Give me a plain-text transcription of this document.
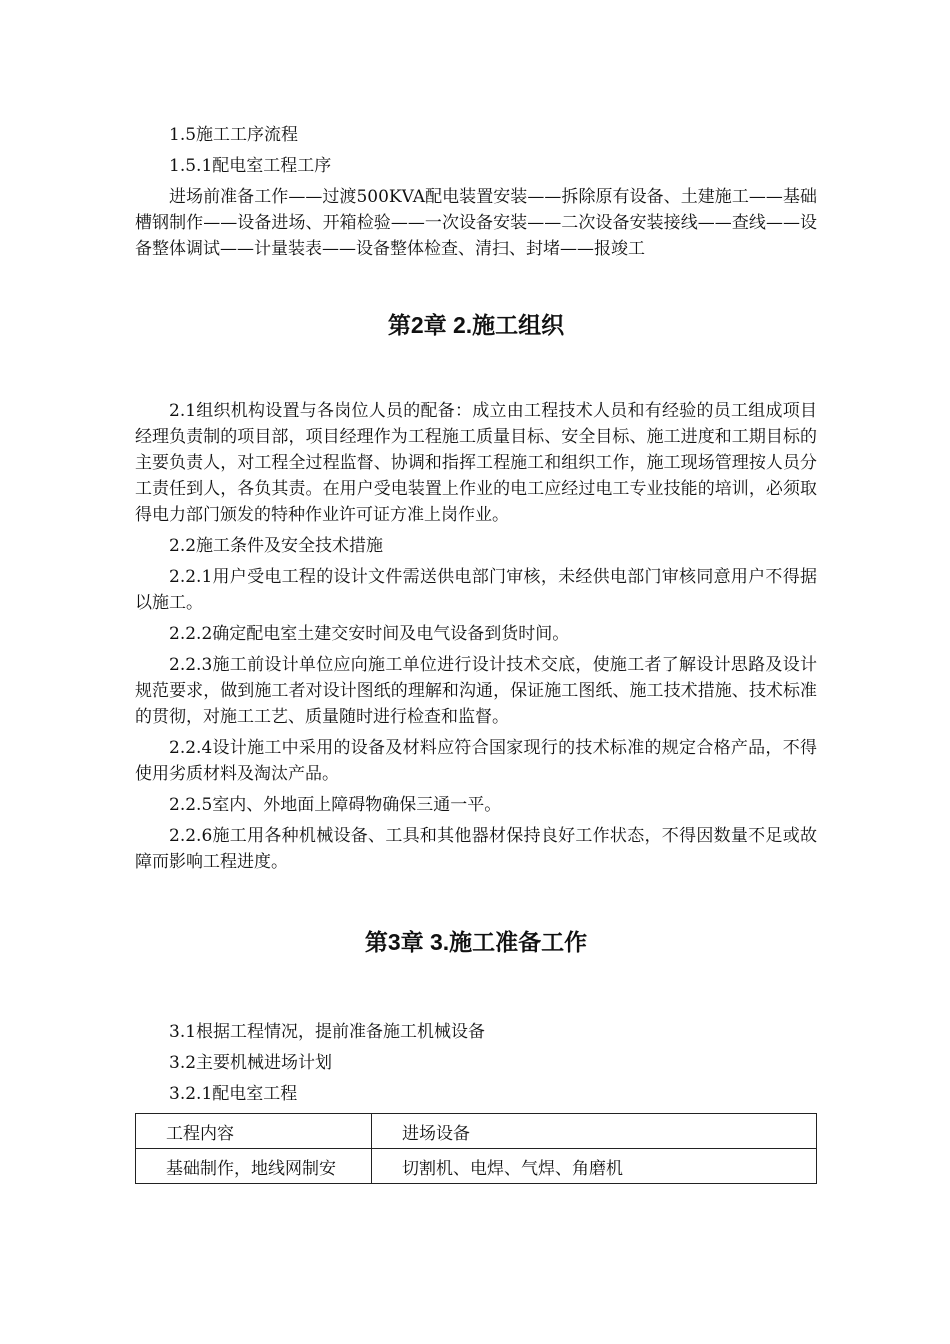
1.5施工工序流程

1.5.1配电室工程工序

进场前准备工作——过渡500KVA配电装置安装——拆除原有设备、土建施工——基础槽钢制作——设备进场、开箱检验——一次设备安装——二次设备安装接线——查线——设备整体调试——计量装表——设备整体检查、清扫、封堵——报竣工

第2章 2.施工组织

2.1组织机构设置与各岗位人员的配备：成立由工程技术人员和有经验的员工组成项目经理负责制的项目部，项目经理作为工程施工质量目标、安全目标、施工进度和工期目标的主要负责人，对工程全过程监督、协调和指挥工程施工和组织工作，施工现场管理按人员分工责任到人，各负其责。在用户受电装置上作业的电工应经过电工专业技能的培训，必须取得电力部门颁发的特种作业许可证方准上岗作业。

2.2施工条件及安全技术措施

2.2.1用户受电工程的设计文件需送供电部门审核，未经供电部门审核同意用户不得据以施工。

2.2.2确定配电室土建交安时间及电气设备到货时间。

2.2.3施工前设计单位应向施工单位进行设计技术交底，使施工者了解设计思路及设计规范要求，做到施工者对设计图纸的理解和沟通，保证施工图纸、施工技术措施、技术标准的贯彻，对施工工艺、质量随时进行检查和监督。

2.2.4设计施工中采用的设备及材料应符合国家现行的技术标准的规定合格产品，不得使用劣质材料及淘汰产品。

2.2.5室内、外地面上障碍物确保三通一平。

2.2.6施工用各种机械设备、工具和其他器材保持良好工作状态，不得因数量不足或故障而影响工程进度。

第3章 3.施工准备工作

3.1根据工程情况，提前准备施工机械设备

3.2主要机械进场计划

3.2.1配电室工程

工程内容	进场设备
基础制作，地线网制安	切割机、电焊、气焊、角磨机
